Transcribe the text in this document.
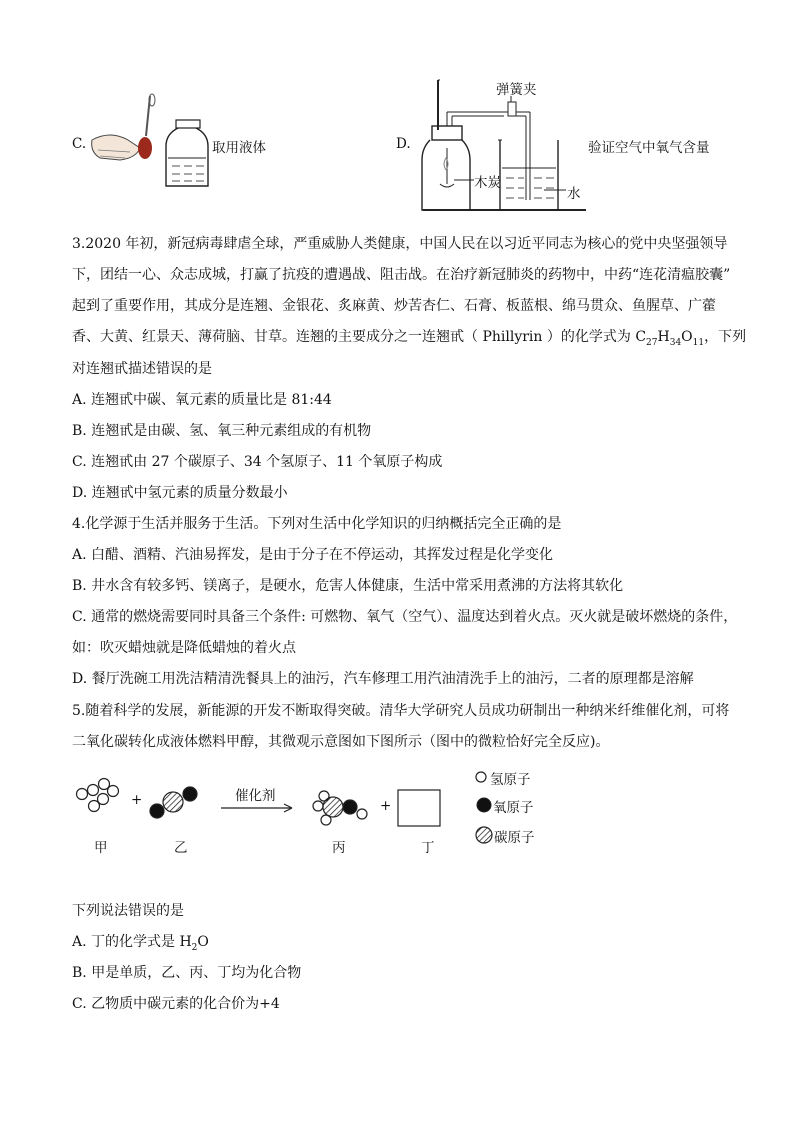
C.	取用液体	D.
弹簧夹
木炭
水
验证空气中氧气含量
3.2020 年初，新冠病毒肆虐全球，严重威胁人类健康，中国人民在以习近平同志为核心的党中央坚强领导
下，团结一心、众志成城，打赢了抗疫的遭遇战、阻击战。在治疗新冠肺炎的药物中，中药“连花清瘟胶囊”
起到了重要作用，其成分是连翘、金银花、炙麻黄、炒苦杏仁、石膏、板蓝根、绵马贯众、鱼腥草、广藿
香、大黄、红景天、薄荷脑、甘草。连翘的主要成分之一连翘甙（ Phillyrin ）的化学式为 $C_{27}H_{34}O_{11}$，下列
对连翘甙描述错误的是
A. 连翘甙中碳、氧元素的质量比是 81:44
B. 连翘甙是由碳、氢、氧三种元素组成的有机物
C. 连翘甙由 27 个碳原子、34 个氢原子、11 个氧原子构成
D. 连翘甙中氢元素的质量分数最小
4.化学源于生活并服务于生活。下列对生活中化学知识的归纳概括完全正确的是
A. 白醋、酒精、汽油易挥发，是由于分子在不停运动，其挥发过程是化学变化
B. 井水含有较多钙、镁离子，是硬水，危害人体健康，生活中常采用煮沸的方法将其软化
C. 通常的燃烧需要同时具备三个条件: 可燃物、氧气（空气）、温度达到着火点。灭火就是破坏燃烧的条件，
如：吹灭蜡烛就是降低蜡烛的着火点
D. 餐厅洗碗工用洗洁精清洗餐具上的油污，汽车修理工用汽油清洗手上的油污，二者的原理都是溶解
5.随着科学的发展，新能源的开发不断取得突破。清华大学研究人员成功研制出一种纳米纤维催化剂，可将
二氧化碳转化成液体燃料甲醇，其微观示意图如下图所示（图中的微粒恰好完全反应)。
+	催化剂
+
甲	乙	丙	丁
氢原子
氧原子
碳原子
下列说法错误的是
A. 丁的化学式是 $H_2O$
B. 甲是单质，乙、丙、丁均为化合物
C. 乙物质中碳元素的化合价为+4
